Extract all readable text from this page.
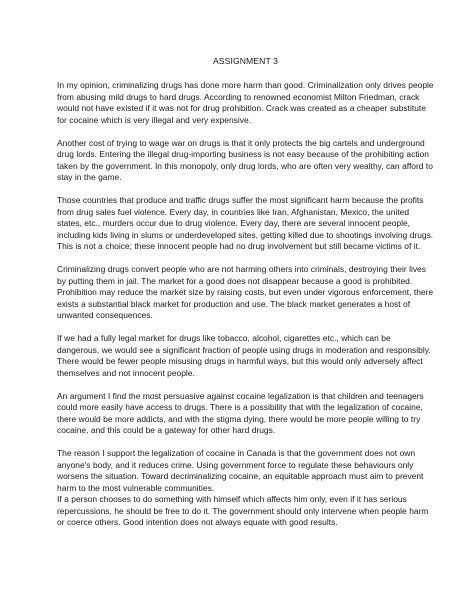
ASSIGNMENT 3

In my opinion, criminalizing drugs has done more harm than good. Criminalization only drives people from abusing mild drugs to hard drugs. According to renowned economist Milton Friedman, crack would not have existed if it was not for drug prohibition. Crack was created as a cheaper substitute for cocaine which is very illegal and very expensive.

Another cost of trying to wage war on drugs is that it only protects the big cartels and underground drug lords. Entering the illegal drug-importing business is not easy because of the prohibiting action taken by the government. In this monopoly, only drug lords, who are often very wealthy, can afford to stay in the game.

Those countries that produce and traffic drugs suffer the most significant harm because the profits from drug sales fuel violence. Every day, in countries like Iran, Afghanistan, Mexico, the united states, etc., murders occur due to drug violence. Every day, there are several innocent people, including kids living in slums or underdeveloped sites, getting killed due to shootings involving drugs. This is not a choice; these innocent people had no drug involvement but still became victims of it.

Criminalizing drugs convert people who are not harming others into criminals, destroying their lives by putting them in jail. The market for a good does not disappear because a good is prohibited. Prohibition may reduce the market size by raising costs, but even under vigorous enforcement, there exists a substantial black market for production and use. The black market generates a host of unwanted consequences.

If we had a fully legal market for drugs like tobacco, alcohol, cigarettes etc., which can be dangerous, we would see a significant fraction of people using drugs in moderation and responsibly. There would be fewer people misusing drugs in harmful ways, but this would only adversely affect themselves and not innocent people.

An argument I find the most persuasive against cocaine legalization is that children and teenagers could more easily have access to drugs. There is a possibility that with the legalization of cocaine, there would be more addicts, and with the stigma dying, there would be more people willing to try cocaine, and this could be a gateway for other hard drugs.

The reason I support the legalization of cocaine in Canada is that the government does not own anyone's body, and it reduces crime. Using government force to regulate these behaviours only worsens the situation. Toward decriminalizing cocaine, an equitable approach must aim to prevent harm to the most vulnerable communities.

If a person chooses to do something with himself which affects him only, even if it has serious repercussions, he should be free to do it. The government should only intervene when people harm or coerce others. Good intention does not always equate with good results.
